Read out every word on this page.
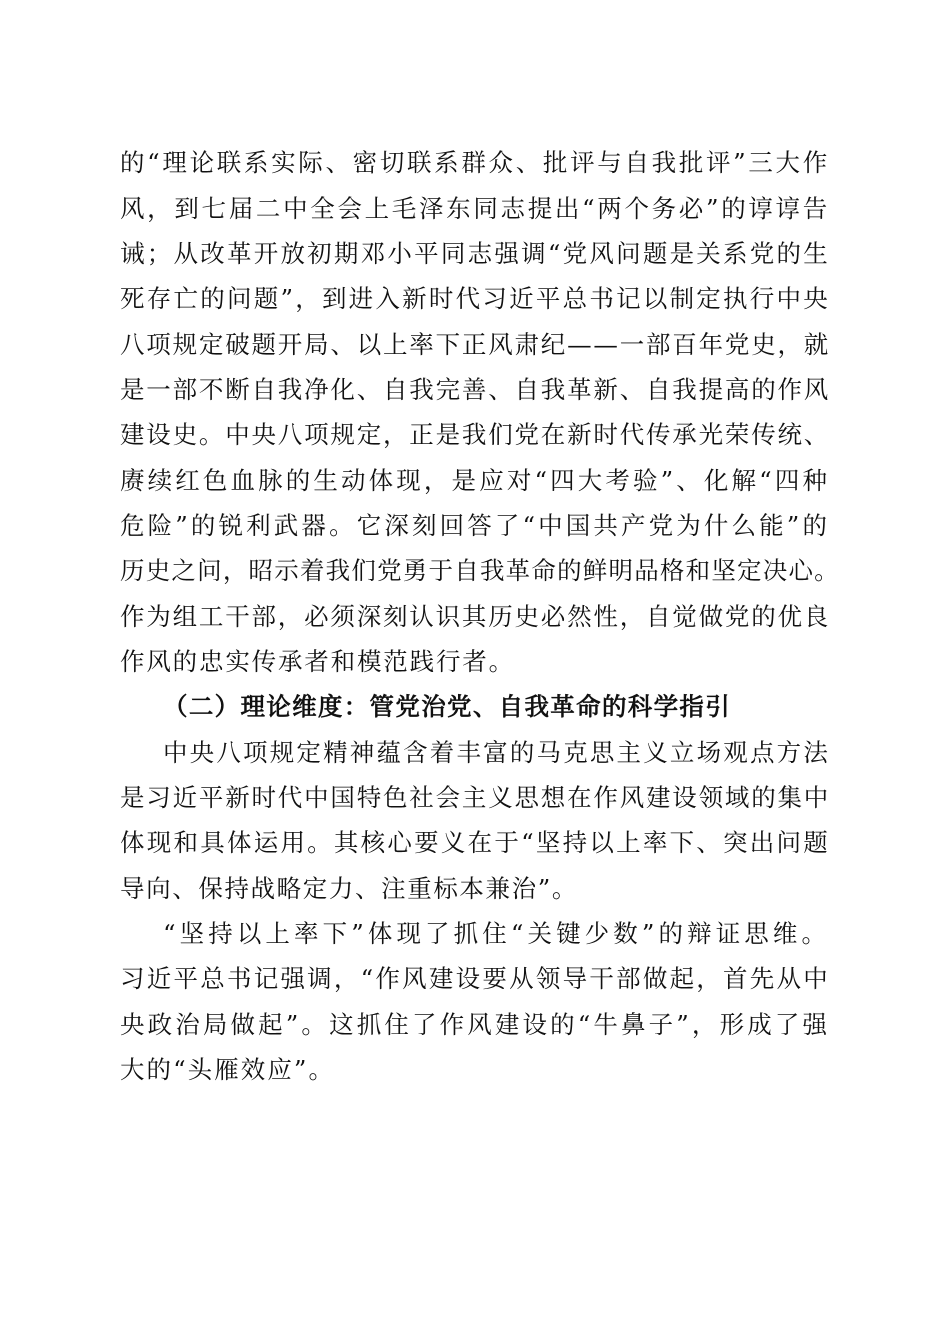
的“理论联系实际、密切联系群众、批评与自我批评”三大作
风，到七届二中全会上毛泽东同志提出“两个务必”的谆谆告
诫；从改革开放初期邓小平同志强调“党风问题是关系党的生
死存亡的问题”，到进入新时代习近平总书记以制定执行中央
八项规定破题开局、以上率下正风肃纪——一部百年党史，就
是一部不断自我净化、自我完善、自我革新、自我提高的作风
建设史。中央八项规定，正是我们党在新时代传承光荣传统、
赓续红色血脉的生动体现，是应对“四大考验”、化解“四种
危险”的锐利武器。它深刻回答了“中国共产党为什么能”的
历史之问，昭示着我们党勇于自我革命的鲜明品格和坚定决心。
作为组工干部，必须深刻认识其历史必然性，自觉做党的优良
作风的忠实传承者和模范践行者。
（二）理论维度：管党治党、自我革命的科学指引
中央八项规定精神蕴含着丰富的马克思主义立场观点方法
是习近平新时代中国特色社会主义思想在作风建设领域的集中
体现和具体运用。其核心要义在于“坚持以上率下、突出问题
导向、保持战略定力、注重标本兼治”。
“坚持以上率下”体现了抓住“关键少数”的辩证思维。
习近平总书记强调，“作风建设要从领导干部做起，首先从中
央政治局做起”。这抓住了作风建设的“牛鼻子”，形成了强
大的“头雁效应”。
